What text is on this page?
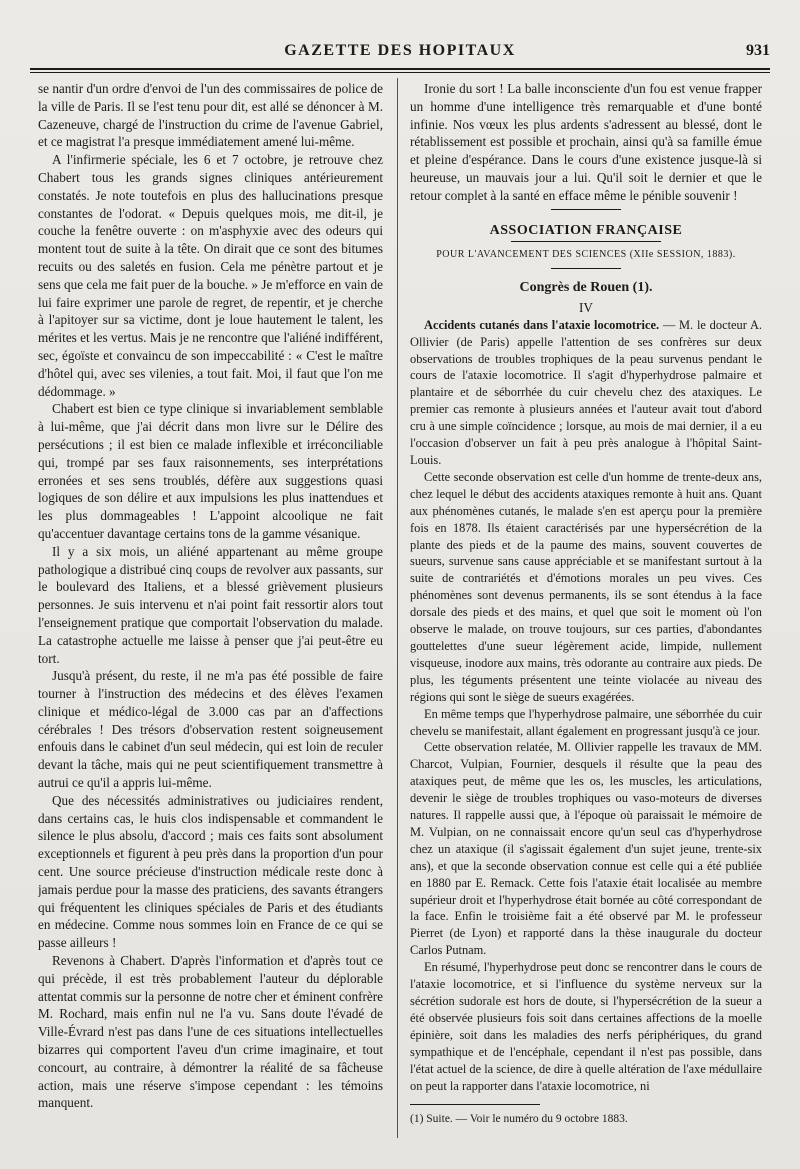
GAZETTE DES HOPITAUX	931

se nantir d'un ordre d'envoi de l'un des commissaires de police de la ville de Paris. Il se l'est tenu pour dit, est allé se dénoncer à M. Cazeneuve, chargé de l'instruction du crime de l'avenue Gabriel, et ce magistrat l'a presque immédiatement amené lui-même.

A l'infirmerie spéciale, les 6 et 7 octobre, je retrouve chez Chabert tous les grands signes cliniques antérieurement constatés. Je note toutefois en plus des hallucinations presque constantes de l'odorat. « Depuis quelques mois, me dit-il, je couche la fenêtre ouverte : on m'asphyxie avec des odeurs qui montent tout de suite à la tête. On dirait que ce sont des bitumes recuits ou des saletés en fusion. Cela me pénètre partout et je sens que cela me fait puer de la bouche. » Je m'efforce en vain de lui faire exprimer une parole de regret, de repentir, et je cherche à l'apitoyer sur sa victime, dont je loue hautement le talent, les mérites et les vertus. Mais je ne rencontre que l'aliéné indifférent, sec, égoïste et convaincu de son impeccabilité : « C'est le maître d'hôtel qui, avec ses vilenies, a tout fait. Moi, il faut que l'on me dédommage. »

Chabert est bien ce type clinique si invariablement semblable à lui-même, que j'ai décrit dans mon livre sur le Délire des persécutions ; il est bien ce malade inflexible et irréconciliable qui, trompé par ses faux raisonnements, ses interprétations erronées et ses sens troublés, défère aux suggestions quasi logiques de son délire et aux impulsions les plus inattendues et les plus dommageables ! L'appoint alcoolique ne fait qu'accentuer davantage certains tons de la gamme vésanique.

Il y a six mois, un aliéné appartenant au même groupe pathologique a distribué cinq coups de revolver aux passants, sur le boulevard des Italiens, et a blessé grièvement plusieurs personnes. Je suis intervenu et n'ai point fait ressortir alors tout l'enseignement pratique que comportait l'observation du malade. La catastrophe actuelle me laisse à penser que j'ai peut-être eu tort.

Jusqu'à présent, du reste, il ne m'a pas été possible de faire tourner à l'instruction des médecins et des élèves l'examen clinique et médico-légal de 3.000 cas par an d'affections cérébrales ! Des trésors d'observation restent soigneusement enfouis dans le cabinet d'un seul médecin, qui est loin de reculer devant la tâche, mais qui ne peut scientifiquement transmettre à autrui ce qu'il a appris lui-même.

Que des nécessités administratives ou judiciaires rendent, dans certains cas, le huis clos indispensable et commandent le silence le plus absolu, d'accord ; mais ces faits sont absolument exceptionnels et figurent à peu près dans la proportion d'un pour cent. Une source précieuse d'instruction médicale reste donc à jamais perdue pour la masse des praticiens, des savants étrangers qui fréquentent les cliniques spéciales de Paris et des étudiants en médecine. Comme nous sommes loin en France de ce qui se passe ailleurs !

Revenons à Chabert. D'après l'information et d'après tout ce qui précède, il est très probablement l'auteur du déplorable attentat commis sur la personne de notre cher et éminent confrère M. Rochard, mais enfin nul ne l'a vu. Sans doute l'évadé de Ville-Évrard n'est pas dans l'une de ces situations intellectuelles bizarres qui comportent l'aveu d'un crime imaginaire, et tout concourt, au contraire, à démontrer la réalité de sa fâcheuse action, mais une réserve s'impose cependant : les témoins manquent.

Ironie du sort ! La balle inconsciente d'un fou est venue frapper un homme d'une intelligence très remarquable et d'une bonté infinie. Nos vœux les plus ardents s'adressent au blessé, dont le rétablissement est possible et prochain, ainsi qu'à sa famille émue et pleine d'espérance. Dans le cours d'une existence jusque-là si heureuse, un mauvais jour a lui. Qu'il soit le dernier et que le retour complet à la santé en efface même le pénible souvenir !

ASSOCIATION FRANÇAISE

POUR L'AVANCEMENT DES SCIENCES (XIIe SESSION, 1883).

Congrès de Rouen (1).

IV

Accidents cutanés dans l'ataxie locomotrice. — M. le docteur A. Ollivier (de Paris) appelle l'attention de ses confrères sur deux observations de troubles trophiques de la peau survenus pendant le cours de l'ataxie locomotrice. Il s'agit d'hyperhydrose palmaire et plantaire et de séborrhée du cuir chevelu chez des ataxiques. Le premier cas remonte à plusieurs années et l'auteur avait tout d'abord cru à une simple coïncidence ; lorsque, au mois de mai dernier, il a eu l'occasion d'observer un fait à peu près analogue à l'hôpital Saint-Louis.

Cette seconde observation est celle d'un homme de trente-deux ans, chez lequel le début des accidents ataxiques remonte à huit ans. Quant aux phénomènes cutanés, le malade s'en est aperçu pour la première fois en 1878. Ils étaient caractérisés par une hypersécrétion de la plante des pieds et de la paume des mains, souvent couvertes de sueurs, survenue sans cause appréciable et se manifestant surtout à la suite de contrariétés et d'émotions morales un peu vives. Ces phénomènes sont devenus permanents, ils se sont étendus à la face dorsale des pieds et des mains, et quel que soit le moment où l'on observe le malade, on trouve toujours, sur ces parties, d'abondantes gouttelettes d'une sueur légèrement acide, limpide, nullement visqueuse, inodore aux mains, très odorante au contraire aux pieds. De plus, les téguments présentent une teinte violacée au niveau des régions qui sont le siège de sueurs exagérées.

En même temps que l'hyperhydrose palmaire, une séborrhée du cuir chevelu se manifestait, allant également en progressant jusqu'à ce jour.

Cette observation relatée, M. Ollivier rappelle les travaux de MM. Charcot, Vulpian, Fournier, desquels il résulte que la peau des ataxiques peut, de même que les os, les muscles, les articulations, devenir le siège de troubles trophiques ou vaso-moteurs de diverses natures. Il rappelle aussi que, à l'époque où paraissait le mémoire de M. Vulpian, on ne connaissait encore qu'un seul cas d'hyperhydrose chez un ataxique (il s'agissait également d'un sujet jeune, trente-six ans), et que la seconde observation connue est celle qui a été publiée en 1880 par E. Remack. Cette fois l'ataxie était localisée au membre supérieur droit et l'hyperhydrose était bornée au côté correspondant de la face. Enfin le troisième fait a été observé par M. le professeur Pierret (de Lyon) et rapporté dans la thèse inaugurale du docteur Carlos Putnam.

En résumé, l'hyperhydrose peut donc se rencontrer dans le cours de l'ataxie locomotrice, et si l'influence du système nerveux sur la sécrétion sudorale est hors de doute, si l'hypersécrétion de la sueur a été observée plusieurs fois soit dans certaines affections de la moelle épinière, soit dans les maladies des nerfs périphériques, du grand sympathique et de l'encéphale, cependant il n'est pas possible, dans l'état actuel de la science, de dire à quelle altération de l'axe médullaire on peut la rapporter dans l'ataxie locomotrice, ni

(1) Suite. — Voir le numéro du 9 octobre 1883.
